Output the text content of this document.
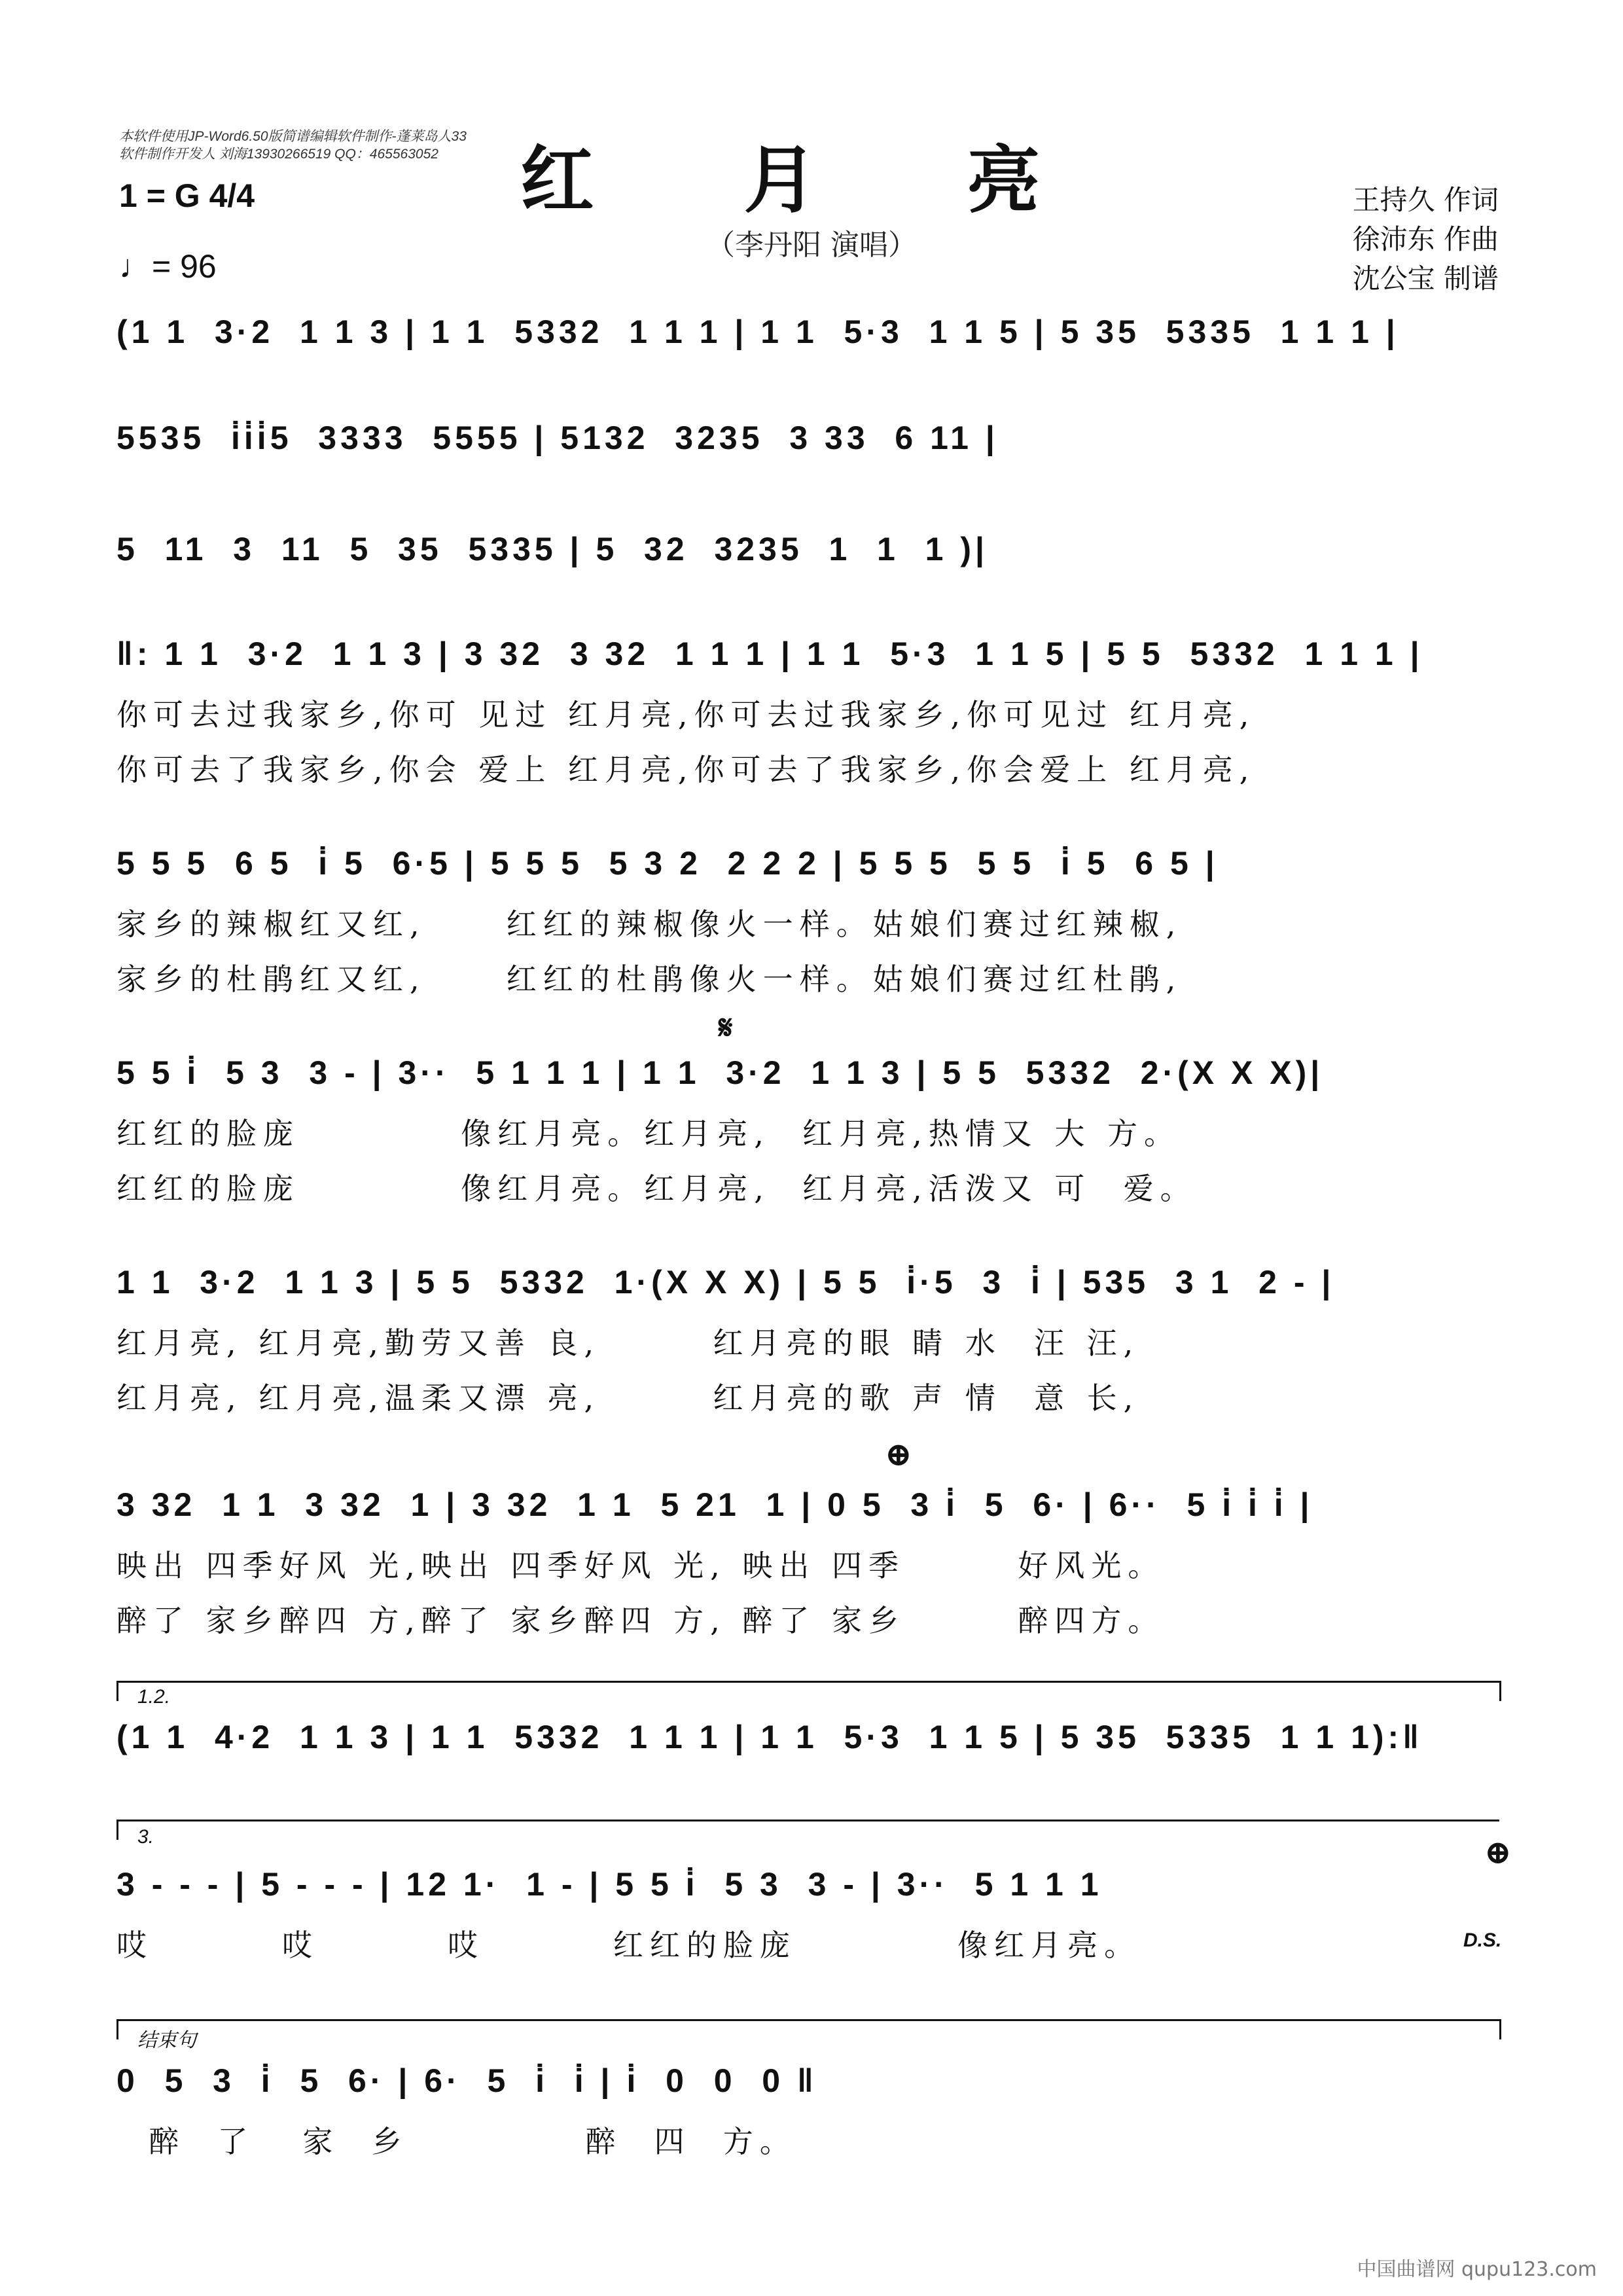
本软件使用JP-Word6.50版简谱编辑软件制作-蓬莱岛人33
软件制作开发人 刘海13930266519 QQ：465563052	红 月 亮
（李丹阳 演唱）
1 = G 4/4
♩= 96
王持久 作词
徐沛东 作曲
沈公宝 制谱
(1 1  3·2  1 1 3 | 1 1  5332  1 1 1 | 1 1  5·3  1 1 5 | 5 35  5335  1 1 1 |
5535  i̇i̇i̇5  3333  5555 | 5132  3235  3 33  6 11 |
5  11  3  11  5  35  5335 | 5  32  3235  1  1  1 )|
‖: 1 1  3·2  1 1 3 | 3 32  3 32  1 1 1 | 1 1  5·3  1 1 5 | 5 5  5332  1 1 1 |
你可去过我家乡,你可 见过 红月亮,你可去过我家乡,你可见过 红月亮,
你可去了我家乡,你会 爱上 红月亮,你可去了我家乡,你会爱上 红月亮,
5 5 5  6 5  i̇ 5  6·5 | 5 5 5  5 3 2  2 2 2 | 5 5 5  5 5  i̇ 5  6 5 |
家乡的辣椒红又红,     红红的辣椒像火一样。姑娘们赛过红辣椒,
家乡的杜鹃红又红,     红红的杜鹃像火一样。姑娘们赛过红杜鹃,
𝄋
5 5 i̇  5 3  3 - | 3··  5 1 1 1 | 1 1  3·2  1 1 3 | 5 5  5332  2·(X X X)|
红红的脸庞          像红月亮。红月亮,  红月亮,热情又 大 方。
红红的脸庞          像红月亮。红月亮,  红月亮,活泼又 可  爱。
1 1  3·2  1 1 3 | 5 5  5332  1·(X X X) | 5 5  i̇·5  3  i̇ | 535  3 1  2 - |
红月亮, 红月亮,勤劳又善 良,       红月亮的眼 睛 水  汪 汪,
红月亮, 红月亮,温柔又漂 亮,       红月亮的歌 声 情  意 长,
⊕
3 32  1 1  3 32  1 | 3 32  1 1  5 21  1 | 0 5  3 i̇  5  6· | 6··  5 i̇ i̇ i̇ |
映出 四季好风 光,映出 四季好风 光, 映出 四季       好风光。
醉了 家乡醉四 方,醉了 家乡醉四 方, 醉了 家乡       醉四方。
1.2.
(1 1  4·2  1 1 3 | 1 1  5332  1 1 1 | 1 1  5·3  1 1 5 | 5 35  5335  1 1 1):‖
3.	⊕
3 - - - | 5 - - - | 12 1·  1 - | 5 5 i̇  5 3  3 - | 3··  5 1 1 1
哎        哎        哎        红红的脸庞          像红月亮。	D.S.
结束句
0  5  3  i̇  5  6· | 6·  5  i̇  i̇ | i̇  0  0  0 ‖
醉  了   家  乡           醉  四  方。
中国曲谱网 qupu123.com
